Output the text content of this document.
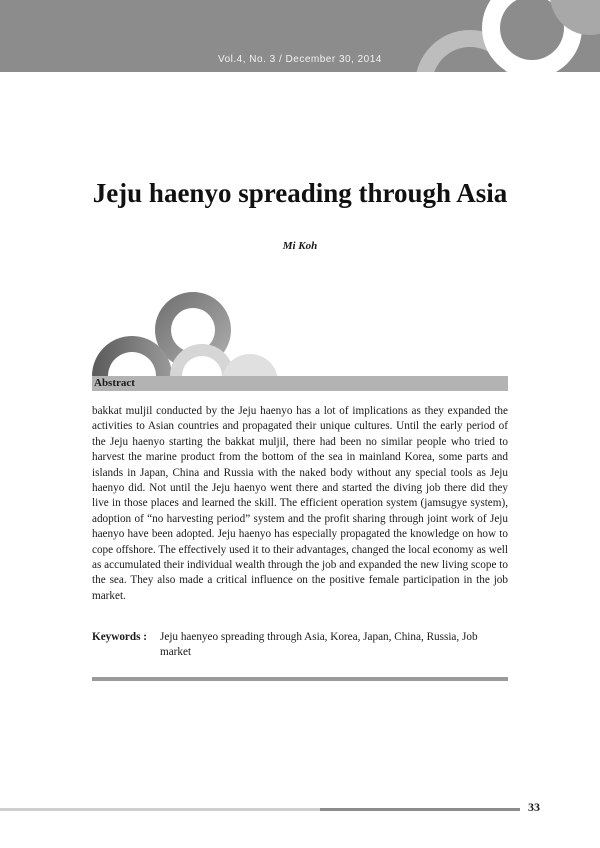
Vol.4, No. 3 / December 30, 2014
Jeju haenyo spreading through Asia
Mi Koh
Abstract

bakkat muljil conducted by the Jeju haenyo has a lot of implications as they expanded the activities to Asian countries and propagated their unique cultures. Until the early period of the Jeju haenyo starting the bakkat muljil, there had been no similar people who tried to harvest the marine product from the bottom of the sea in mainland Korea, some parts and islands in Japan, China and Russia with the naked body without any special tools as Jeju haenyo did. Not until the Jeju haenyo went there and started the diving job there did they live in those places and learned the skill. The efficient operation system (jamsugye system), adoption of “no harvesting period” system and the profit sharing through joint work of Jeju haenyo have been adopted. Jeju haenyo has especially propagated the knowledge on how to cope offshore. The effectively used it to their advantages, changed the local economy as well as accumulated their individual wealth through the job and expanded the new living scope to the sea. They also made a critical influence on the positive female participation in the job market.

Keywords :	Jeju haenyeo spreading through Asia, Korea, Japan, China, Russia, Job market
33
